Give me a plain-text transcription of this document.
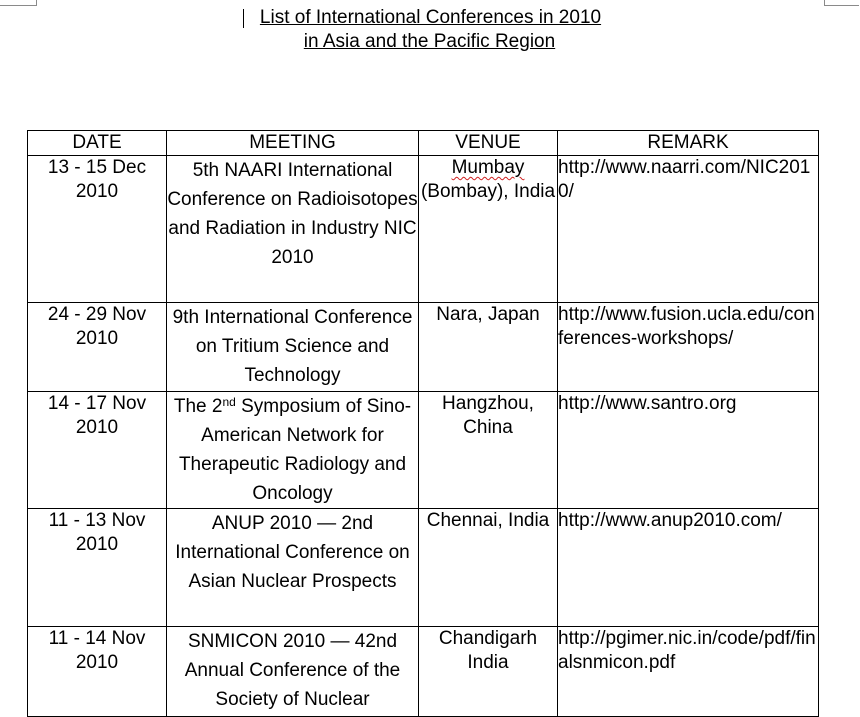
List of International Conferences in 2010
in Asia and the Pacific Region
DATE	MEETING	VENUE	REMARK
13 - 15 Dec 2010	5th NAARI International Conference on Radioisotopes and Radiation in Industry NIC 2010	Mumbay (Bombay), India	http://www.naarri.com/NIC2010/
24 - 29 Nov 2010	9th International Conference on Tritium Science and Technology	Nara, Japan	http://www.fusion.ucla.edu/conferences-workshops/
14 - 17 Nov 2010	The 2nd Symposium of Sino-American Network for Therapeutic Radiology and Oncology	Hangzhou, China	http://www.santro.org
11 - 13 Nov 2010	ANUP 2010 — 2nd International Conference on Asian Nuclear Prospects	Chennai, India	http://www.anup2010.com/
11 - 14 Nov 2010	SNMICON 2010 — 42nd Annual Conference of the Society of Nuclear	Chandigarh India	http://pgimer.nic.in/code/pdf/finalsnmicon.pdf
